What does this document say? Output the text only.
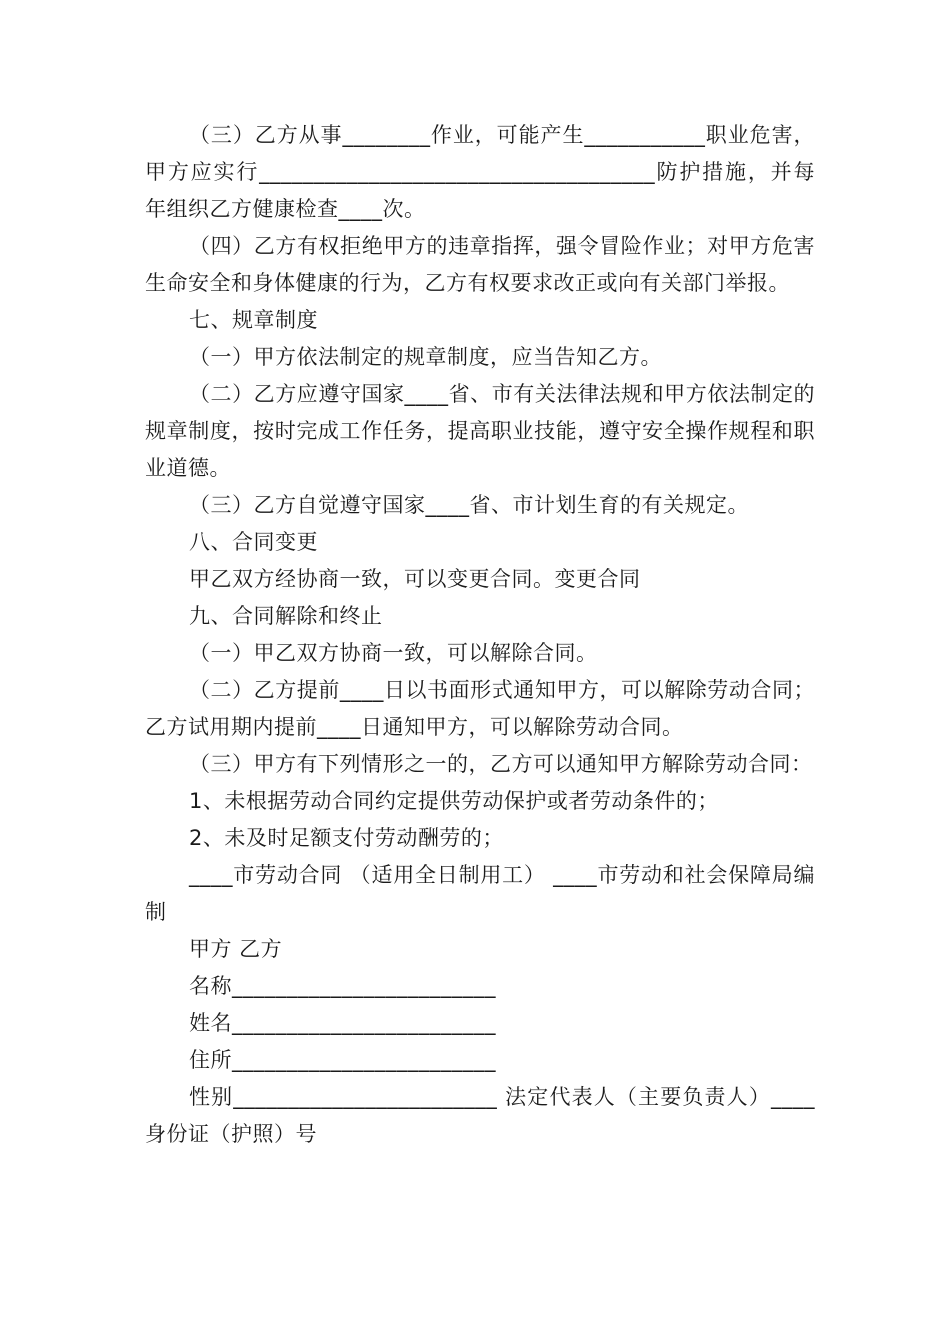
（三）乙方从事________作业，可能产生___________职业危害，甲方应实行____________________________________防护措施，并每年组织乙方健康检查____次。

（四）乙方有权拒绝甲方的违章指挥，强令冒险作业；对甲方危害生命安全和身体健康的行为，乙方有权要求改正或向有关部门举报。

七、规章制度

（一）甲方依法制定的规章制度，应当告知乙方。

（二）乙方应遵守国家____省、市有关法律法规和甲方依法制定的规章制度，按时完成工作任务，提高职业技能，遵守安全操作规程和职业道德。

（三）乙方自觉遵守国家____省、市计划生育的有关规定。

八、合同变更

甲乙双方经协商一致，可以变更合同。变更合同

九、合同解除和终止

（一）甲乙双方协商一致，可以解除合同。

（二）乙方提前____日以书面形式通知甲方，可以解除劳动合同；乙方试用期内提前____日通知甲方，可以解除劳动合同。

（三）甲方有下列情形之一的，乙方可以通知甲方解除劳动合同：

1、未根据劳动合同约定提供劳动保护或者劳动条件的；

2、未及时足额支付劳动酬劳的；

____市劳动合同 （适用全日制用工） ____市劳动和社会保障局编制

甲方 乙方

名称________________________

姓名________________________

住所________________________

性别________________________ 法定代表人（主要负责人）____ 身份证（护照）号
